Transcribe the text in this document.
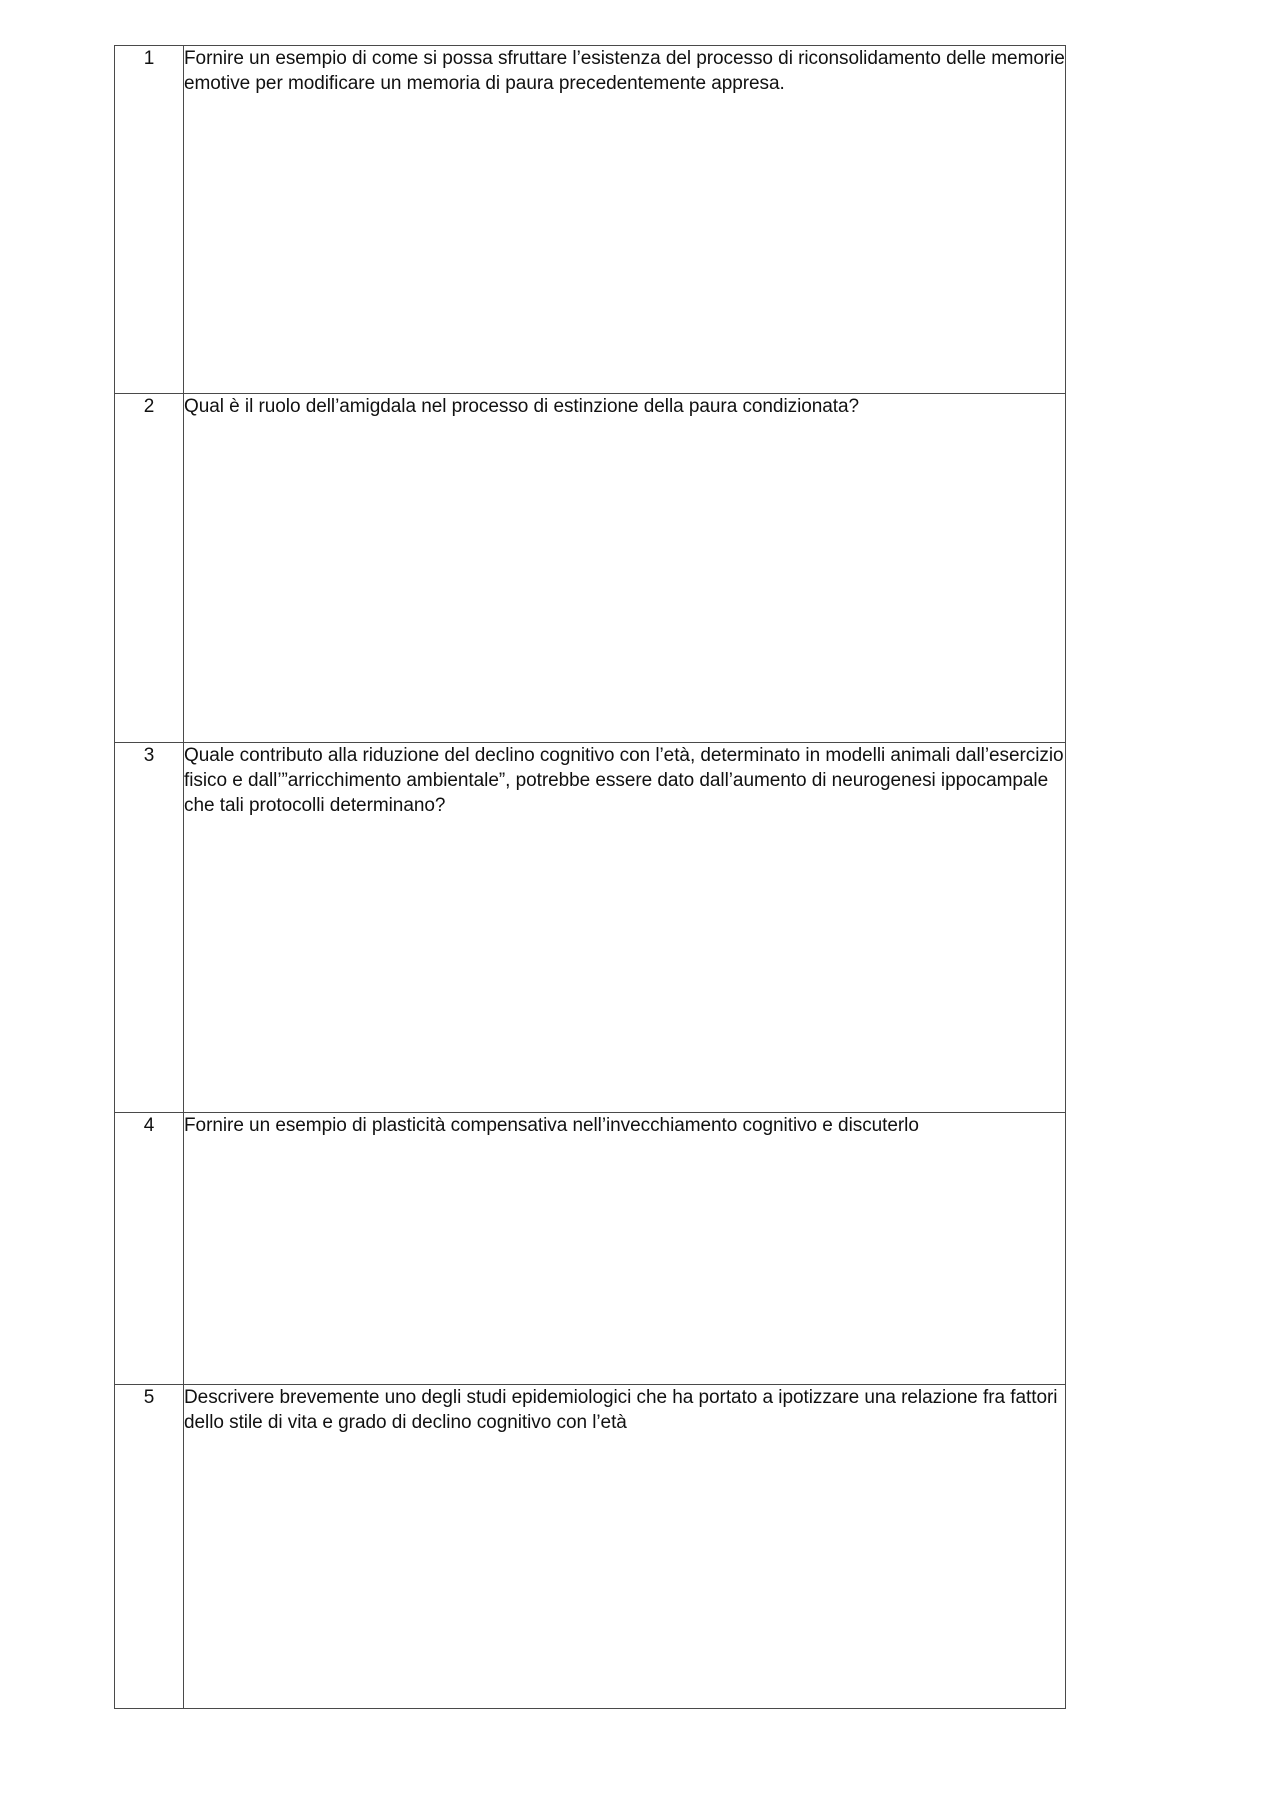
1	Fornire un esempio di come si possa sfruttare l’esistenza del processo di riconsolidamento delle memorie emotive per modificare un memoria di paura precedentemente appresa.

2	Qual è il ruolo dell’amigdala nel processo di estinzione della paura condizionata?

3	Quale contributo alla riduzione del declino cognitivo con l’età, determinato in modelli animali dall’esercizio fisico e dall’”arricchimento ambientale”, potrebbe essere dato dall’aumento di neurogenesi ippocampale che tali protocolli determinano?

4	Fornire un esempio di plasticità compensativa nell’invecchiamento cognitivo e discuterlo

5	Descrivere brevemente uno degli studi epidemiologici che ha portato a ipotizzare una relazione fra fattori dello stile di vita e grado di declino cognitivo con l’età
